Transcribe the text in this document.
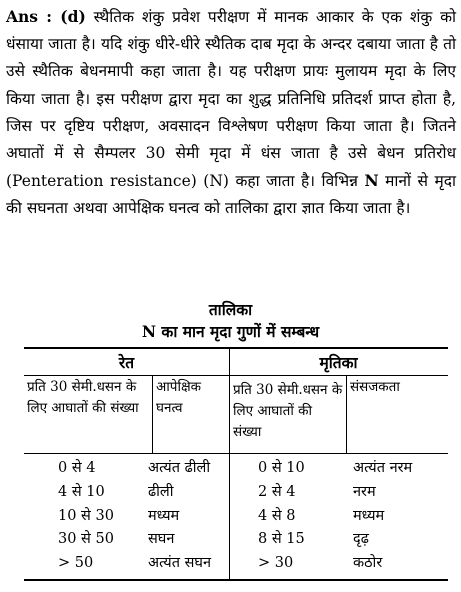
Ans : (d) स्थैतिक शंकु प्रवेश परीक्षण में मानक आकार के एक शंकु को धंसाया जाता है। यदि शंकु धीरे-धीरे स्थैतिक दाब मृदा के अन्दर दबाया जाता है तो उसे स्थैतिक बेधनमापी कहा जाता है। यह परीक्षण प्रायः मुलायम मृदा के लिए किया जाता है। इस परीक्षण द्वारा मृदा का शुद्ध प्रतिनिधि प्रतिदर्श प्राप्त होता है, जिस पर दृष्टिय परीक्षण, अवसादन विश्लेषण परीक्षण किया जाता है। जितने अघातों में से सैम्पलर 30 सेमी मृदा में धंस जाता है उसे बेधन प्रतिरोध (Penteration resistance) (N) कहा जाता है। विभिन्न N मानों से मृदा की सघनता अथवा आपेक्षिक घनत्व को तालिका द्वारा ज्ञात किया जाता है।
तालिका
N का मान मृदा गुणों में सम्बन्ध
रेत	मृतिका
प्रति 30 सेमी.धसन के लिए आघातों की संख्या
आपेक्षिक घनत्व
प्रति 30 सेमी.धसन के लिए आघातों की संख्या
संसजकता
0 से 4
4 से 10
10 से 30
30 से 50
> 50
अत्यंत ढीली
ढीली
मध्यम
सघन
अत्यंत सघन
0 से 10
2 से 4
4 से 8
8 से 15
> 30
अत्यंत नरम
नरम
मध्यम
दृढ़
कठोर
